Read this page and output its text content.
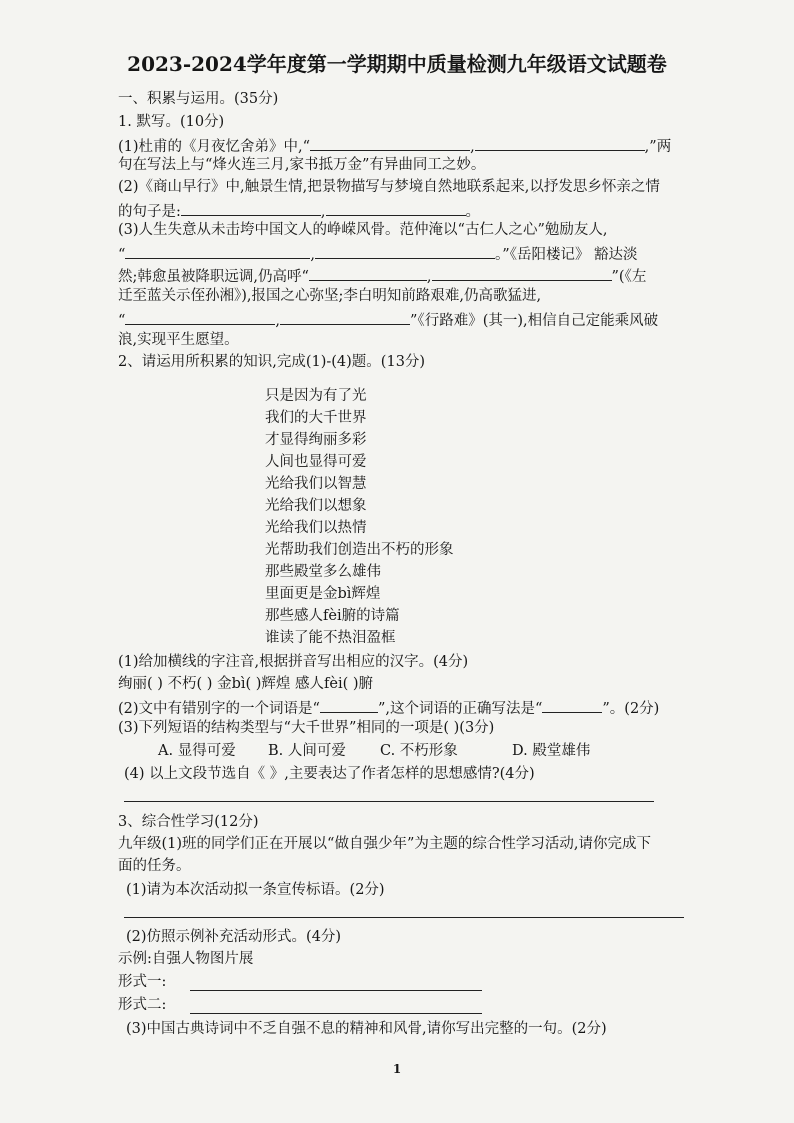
2023-2024学年度第一学期期中质量检测九年级语文试题卷
一、积累与运用。(35分)
1. 默写。(10分)
(1)杜甫的《月夜忆舍弟》中,“	,	,”两
句在写法上与“烽火连三月,家书抵万金”有异曲同工之妙。
(2)《商山早行》中,触景生情,把景物描写与梦境自然地联系起来,以抒发思乡怀亲之情
的句子是:	,	。
(3)人生失意从未击垮中国文人的峥嵘风骨。范仲淹以“古仁人之心”勉励友人,
“	,	。”《岳阳楼记》 豁达淡
然;韩愈虽被降职远调,仍高呼“	,	”(《左
迁至蓝关示侄孙湘》),报国之心弥坚;李白明知前路艰难,仍高歌猛进,
“	,	”《行路难》(其一),相信自己定能乘风破
浪,实现平生愿望。
2、请运用所积累的知识,完成(1)-(4)题。(13分)
只是因为有了光
我们的大千世界
才显得绚丽多彩
人间也显得可爱
光给我们以智慧
光给我们以想象
光给我们以热情
光帮助我们创造出不朽的形象
那些殿堂多么雄伟
里面更是金bì辉煌
那些感人fèi腑的诗篇
谁读了能不热泪盈框
(1)给加横线的字注音,根据拼音写出相应的汉字。(4分)
绚丽( ) 不朽( ) 金bì( )辉煌 感人fèi( )腑
(2)文中有错别字的一个词语是“	”,这个词语的正确写法是“	”。(2分)
(3)下列短语的结构类型与“大千世界”相同的一项是( )(3分)
A. 显得可爱 B. 人间可爱 C. 不朽形象	D. 殿堂雄伟
(4) 以上文段节选自《 》,主要表达了作者怎样的思想感情?(4分)
3、综合性学习(12分)
九年级(1)班的同学们正在开展以“做自强少年”为主题的综合性学习活动,请你完成下
面的任务。
(1)请为本次活动拟一条宣传标语。(2分)
(2)仿照示例补充活动形式。(4分)
示例:自强人物图片展
形式一:
形式二:
(3)中国古典诗词中不乏自强不息的精神和风骨,请你写出完整的一句。(2分)
1
